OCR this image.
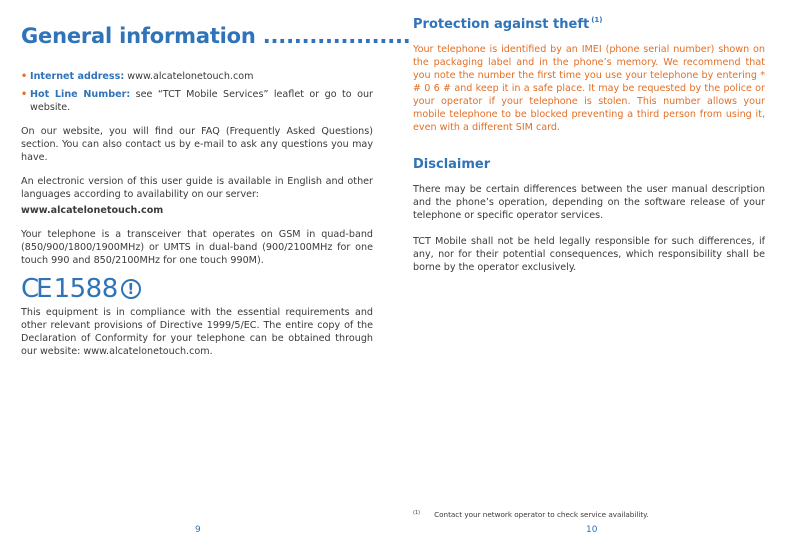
General information ...................
• Internet address: www.alcatelonetouch.com
• Hot Line Number: see “TCT Mobile Services” leaflet or go to our website.

On our website, you will find our FAQ (Frequently Asked Questions) section. You can also contact us by e-mail to ask any questions you may have.

An electronic version of this user guide is available in English and other languages according to availability on our server:

www.alcatelonetouch.com

Your telephone is a transceiver that operates on GSM in quad-band (850/900/1800/1900MHz) or UMTS in dual-band (900/2100MHz for one touch 990 and 850/2100MHz for one touch 990M).

CE 1588 !

This equipment is in compliance with the essential requirements and other relevant provisions of Directive 1999/5/EC. The entire copy of the Declaration of Conformity for your telephone can be obtained through our website: www.alcatelonetouch.com.

9
Protection against theft $^{(1)}$

Your telephone is identified by an IMEI (phone serial number) shown on the packaging label and in the phone’s memory. We recommend that you note the number the first time you use your telephone by entering * # 0 6 # and keep it in a safe place. It may be requested by the police or your operator if your telephone is stolen. This number allows your mobile telephone to be blocked preventing a third person from using it, even with a different SIM card.

Disclaimer

There may be certain differences between the user manual description and the phone’s operation, depending on the software release of your telephone or specific operator services.

TCT Mobile shall not be held legally responsible for such differences, if any, nor for their potential consequences, which responsibility shall be borne by the operator exclusively.

$^{(1)}$ Contact your network operator to check service availability.
10
